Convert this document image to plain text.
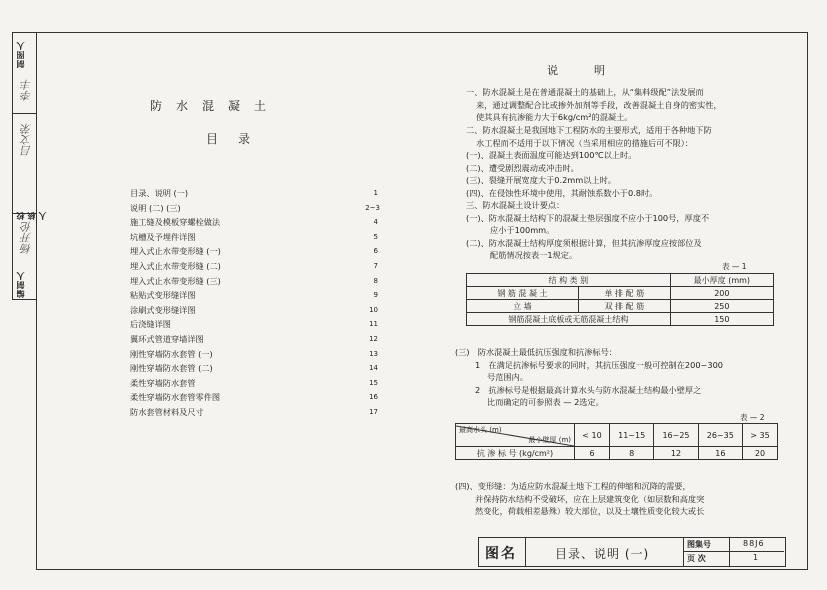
制图人
李丰
校核人
吕文荣
编制人
杨开伦
防水混凝土
目录
目录、说明 (一)	1
说明 (二) (三)	2~3
施工缝及模板穿螺栓做法	4
坑槽及予埋件详图	5
埋入式止水带变形缝 (一)	6
埋入式止水带变形缝 (二)	7
埋入式止水带变形缝 (三)	8
粘贴式变形缝详图	9
涂刷式变形缝详图	10
后浇缝详图	11
翼环式管道穿墙详图	12
刚性穿墙防水套管 (一)	13
刚性穿墙防水套管 (二)	14
柔性穿墙防水套管	15
柔性穿墙防水套管零件图	16
防水套管材料及尺寸	17
说明
一、防水混凝土是在普通混凝土的基础上，从“集料级配”法发展而
来，通过调整配合比或掺外加剂等手段，改善混凝土自身的密实性，
使其具有抗渗能力大于6kg/cm²的混凝土。
二、防水混凝土是我国地下工程防水的主要形式，适用于各种地下防
水工程而不适用于以下情况（当采用相应的措施后可不限）：
(一)、混凝土表面温度可能达到100℃以上时。
(二)、遭受剧烈震动或冲击时。
(三)、裂缝开展宽度大于0.2mm以上时。
(四)、在侵蚀性环境中使用，其耐蚀系数小于0.8时。
三、防水混凝土设计要点：
(一)、防水混凝土结构下的混凝土垫层强度不应小于100号，厚度不
应小于100mm。
(二)、防水混凝土结构厚度须根据计算，但其抗渗厚度应按部位及
配筋情况按表一1规定。
表 — 1
结 构 类 别		最小厚度 (mm)
钢 筋 混 凝 土	单 排 配 筋	200
立 墙	双 排 配 筋	250
钢筋混凝土底板或无筋混凝土结构		150
(三)　防水混凝土最低抗压强度和抗渗标号：
1　在满足抗渗标号要求的同时，其抗压强度一般可控制在200~300
号范围内。
2　抗渗标号是根据最高计算水头与防水混凝土结构最小壁厚之
比而确定的可参照表 — 2选定。
表 — 2
最高水头 (m)
最小壁厚 (m)	< 10	11~15	16~25	26~35	> 35
抗 渗 标 号 (kg/cm²)	6	8	12	16	20
(四)、变形缝：为适应防水混凝土地下工程的伸缩和沉降的需要，
并保持防水结构不受破坏，应在上层建筑变化（如层数和高度突
然变化，荷载相差悬殊）较大部位，以及土壤性质变化较大或长
图名	目录、说明 (一)
图集号	88J6
页 次	1
